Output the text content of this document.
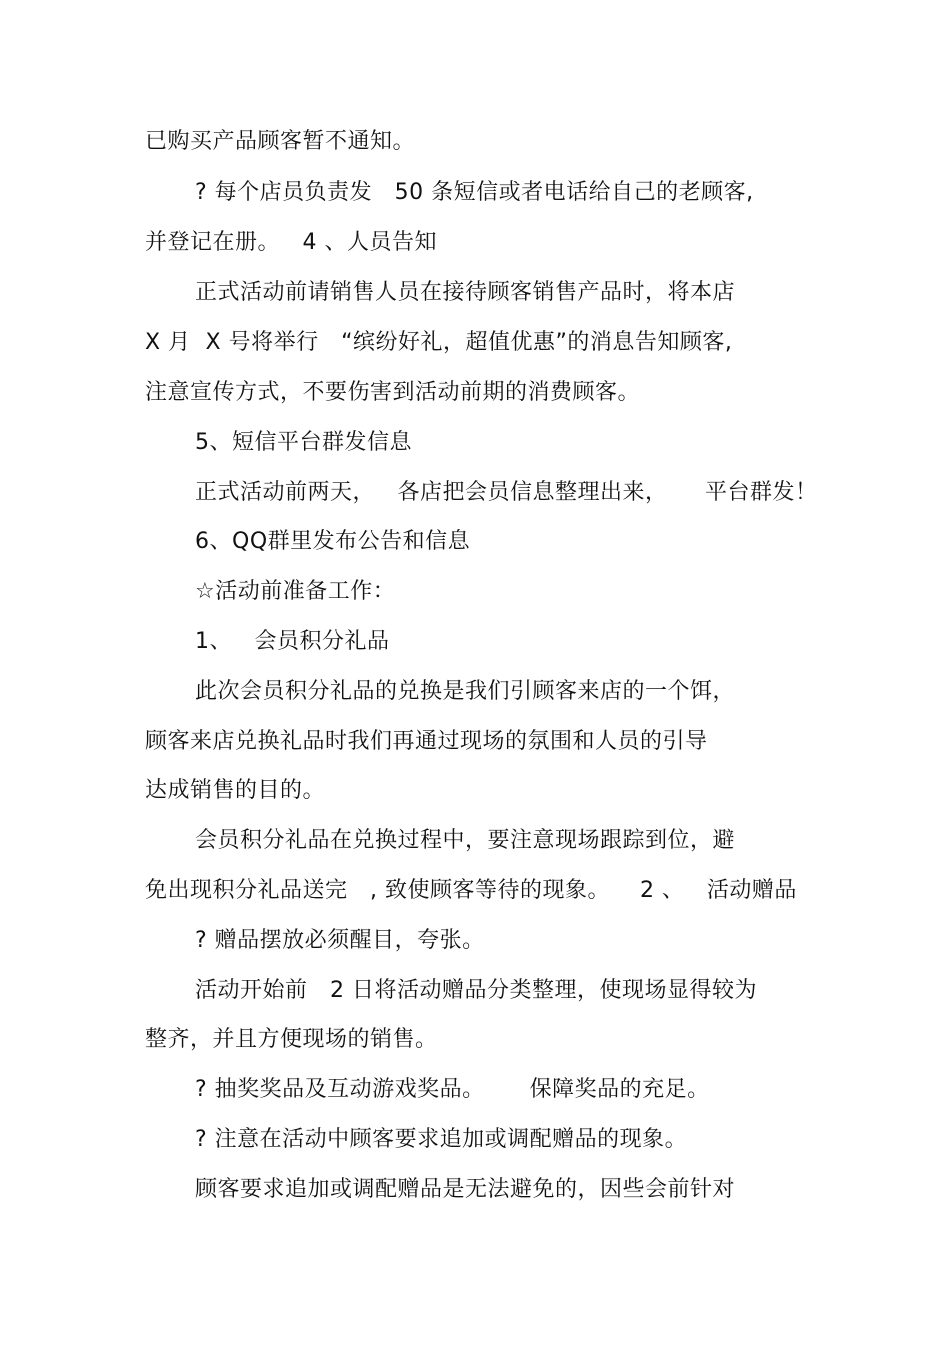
已购买产品顾客暂不通知。
? 每个店员负责发   50 条短信或者电话给自己的老顾客,
并登记在册。   4 、人员告知
正式活动前请销售人员在接待顾客销售产品时，将本店
X 月  X 号将举行   “缤纷好礼，超值优惠”的消息告知顾客,
注意宣传方式，不要伤害到活动前期的消费顾客。
5、短信平台群发信息
正式活动前两天，   各店把会员信息整理出来，     平台群发！
6、QQ群里发布公告和信息
☆活动前准备工作：
1、   会员积分礼品
此次会员积分礼品的兑换是我们引顾客来店的一个饵，
顾客来店兑换礼品时我们再通过现场的氛围和人员的引导
达成销售的目的。
会员积分礼品在兑换过程中，要注意现场跟踪到位，避
免出现积分礼品送完   , 致使顾客等待的现象。    2 、   活动赠品
? 赠品摆放必须醒目，夸张。
活动开始前   2 日将活动赠品分类整理，使现场显得较为
整齐，并且方便现场的销售。
? 抽奖奖品及互动游戏奖品。      保障奖品的充足。
? 注意在活动中顾客要求追加或调配赠品的现象。
顾客要求追加或调配赠品是无法避免的，因些会前针对
